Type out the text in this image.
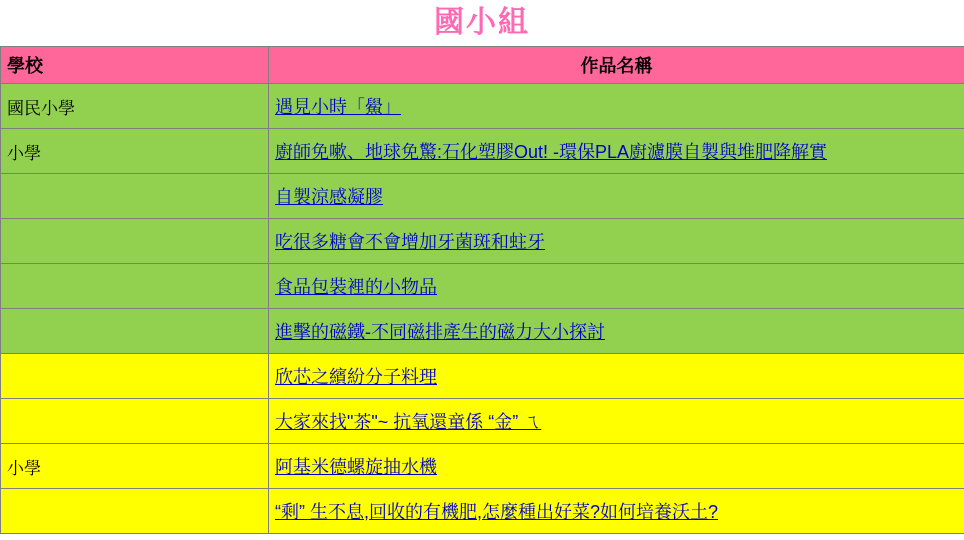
國小組
學校	作品名稱
國民小學	遇見小時「鱟」
小學	廚師免嗽、地球免驚:石化塑膠Out! -環保PLA廚濾膜自製與堆肥降解實
	自製涼感凝膠
	吃很多糖會不會增加牙菌斑和蛀牙
	食品包裝裡的小物品
	進擊的磁鐵-不同磁排產生的磁力大小探討
	欣芯之繽紛分子料理
	大家來找"茶"~ 抗氧還童係 “金” ㄟ
小學	阿基米德螺旋抽水機
	“剩” 生不息,回收的有機肥,怎麼種出好菜?如何培養沃土?
